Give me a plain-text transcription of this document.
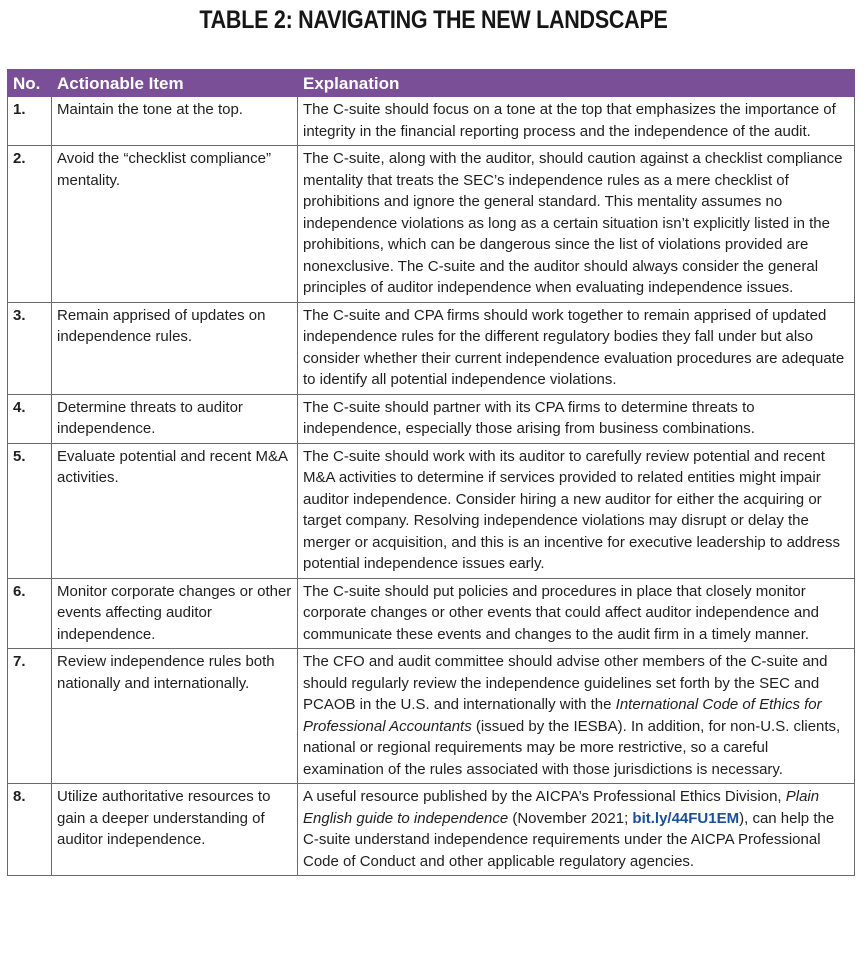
TABLE 2: NAVIGATING THE NEW LANDSCAPE
No.	Actionable Item	Explanation
1.	Maintain the tone at the top.	The C-suite should focus on a tone at the top that emphasizes the importance of integrity in the financial reporting process and the independence of the audit.
2.	Avoid the “checklist compliance” mentality.	The C-suite, along with the auditor, should caution against a checklist compliance mentality that treats the SEC’s independence rules as a mere checklist of prohibitions and ignore the general standard. This mentality assumes no independence violations as long as a certain situation isn’t explicitly listed in the prohibitions, which can be dangerous since the list of violations provided are nonexclusive. The C-suite and the auditor should always consider the general principles of auditor independence when evaluating independence issues.
3.	Remain apprised of updates on independence rules.	The C-suite and CPA firms should work together to remain apprised of updated independence rules for the different regulatory bodies they fall under but also consider whether their current independence evaluation procedures are adequate to identify all potential independence violations.
4.	Determine threats to auditor independence.	The C-suite should partner with its CPA firms to determine threats to independence, especially those arising from business combinations.
5.	Evaluate potential and recent M&A activities.	The C-suite should work with its auditor to carefully review potential and recent M&A activities to determine if services provided to related entities might impair auditor independence. Consider hiring a new auditor for either the acquiring or target company. Resolving independence violations may disrupt or delay the merger or acquisition, and this is an incentive for executive leadership to address potential independence issues early.
6.	Monitor corporate changes or other events affecting auditor independence.	The C-suite should put policies and procedures in place that closely monitor corporate changes or other events that could affect auditor independence and communicate these events and changes to the audit firm in a timely manner.
7.	Review independence rules both nationally and internationally.	The CFO and audit committee should advise other members of the C-suite and should regularly review the independence guidelines set forth by the SEC and PCAOB in the U.S. and internationally with the International Code of Ethics for Professional Accountants (issued by the IESBA). In addition, for non-U.S. clients, national or regional requirements may be more restrictive, so a careful examination of the rules associated with those jurisdictions is necessary.
8.	Utilize authoritative resources to gain a deeper understanding of auditor independence.	A useful resource published by the AICPA’s Professional Ethics Division, Plain English guide to independence (November 2021; bit.ly/44FU1EM), can help the C-suite understand independence requirements under the AICPA Professional Code of Conduct and other applicable regulatory agencies.
